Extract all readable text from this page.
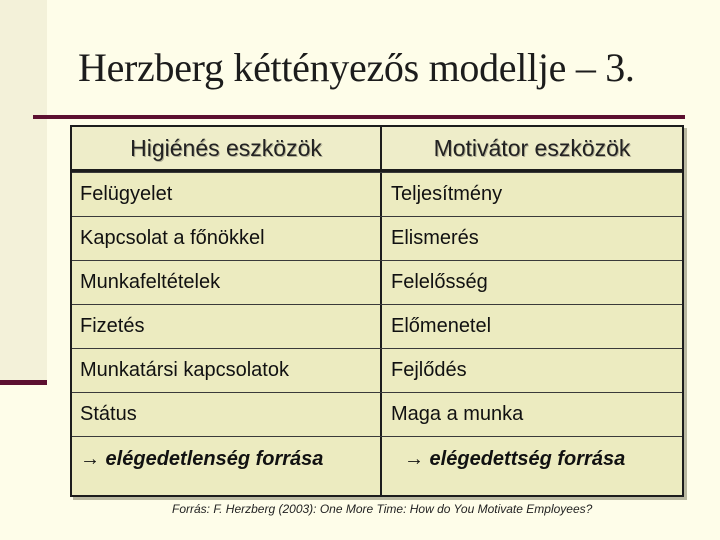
Herzberg kéttényezős modellje – 3.
Higiénés eszközök	Motivátor eszközök
Felügyelet	Teljesítmény
Kapcsolat a főnökkel	Elismerés
Munkafeltételek	Felelősség
Fizetés	Előmenetel
Munkatársi kapcsolatok	Fejlődés
Státus	Maga a munka
→ elégedetlenség forrása	→ elégedettség forrása
Forrás: F. Herzberg (2003): One More Time: How do You Motivate Employees?
